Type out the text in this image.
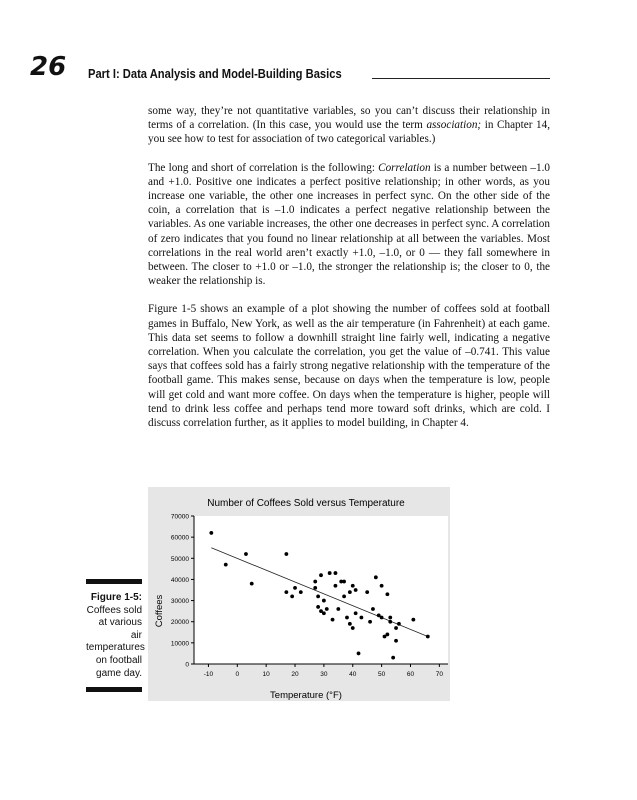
26 Part I: Data Analysis and Model-Building Basics

some way, they’re not quantitative variables, so you can’t discuss their relationship in terms of a correlation. (In this case, you would use the term association; in Chapter 14, you see how to test for association of two categorical variables.)

The long and short of correlation is the following: Correlation is a number between –1.0 and +1.0. Positive one indicates a perfect positive relationship; in other words, as you increase one variable, the other one increases in perfect sync. On the other side of the coin, a correlation that is –1.0 indicates a perfect negative relationship between the variables. As one variable increases, the other one decreases in perfect sync. A correlation of zero indicates that you found no linear relationship at all between the variables. Most correlations in the real world aren’t exactly +1.0, –1.0, or 0 — they fall somewhere in between. The closer to +1.0 or –1.0, the stronger the relationship is; the closer to 0, the weaker the relationship is.

Figure 1-5 shows an example of a plot showing the number of coffees sold at football games in Buffalo, New York, as well as the air temperature (in Fahrenheit) at each game. This data set seems to follow a downhill straight line fairly well, indicating a negative correlation. When you calculate the correlation, you get the value of –0.741. This value says that coffees sold has a fairly strong negative relationship with the temperature of the football game. This makes sense, because on days when the temperature is low, people will get cold and want more coffee. On days when the temperature is higher, people will tend to drink less coffee and perhaps tend more toward soft drinks, which are cold. I discuss correlation further, as it applies to model building, in Chapter 4.

Number of Coffees Sold versus Temperature
0
10000
20000
30000
40000
50000
60000
70000
-10	0	10	20	30	40	50	60	70
Temperature (°F)
Coffees
Figure 1-5:
Coffees sold at various air temperatures on football game day.
